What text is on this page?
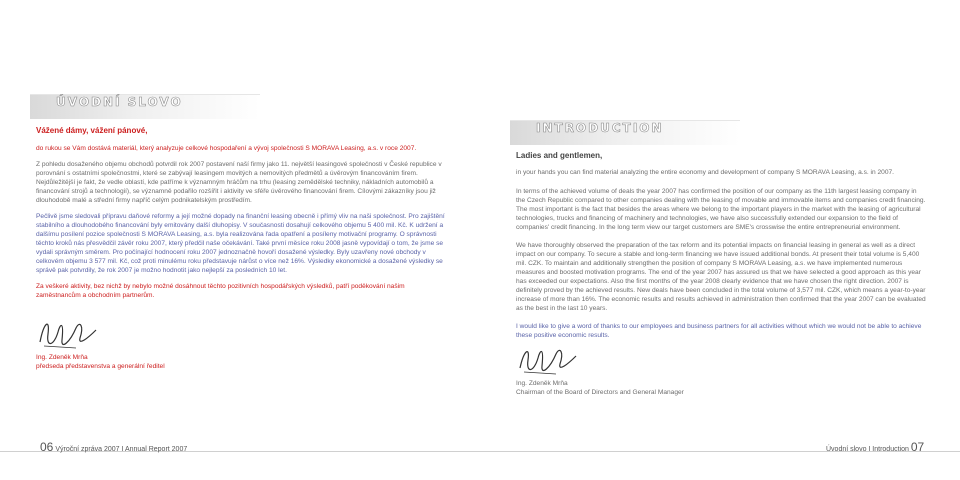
ÚVODNÍ SLOVO
Vážené dámy, vážení pánové,

do rukou se Vám dostává materiál, který analyzuje celkové hospodaření a vývoj společnosti S MORAVA Leasing, a.s. v roce 2007.

Z pohledu dosaženého objemu obchodů potvrdil rok 2007 postavení naší firmy jako 11. největší leasingové společnosti v České republice v porovnání s ostatními společnostmi, které se zabývají leasingem movitých a nemovitých předmětů a úvěrovým financováním firem. Nejdůležitější je fakt, že vedle oblastí, kde patříme k významným hráčům na trhu (leasing zemědělské techniky, nákladních automobilů a financování strojů a technologií), se významně podařilo rozšířit i aktivity ve sféře úvěrového financování firem. Cílovými zákazníky jsou již dlouhodobě malé a střední firmy napříč celým podnikatelským prostředím.

Pečlivě jsme sledovali přípravu daňové reformy a její možné dopady na finanční leasing obecně i přímý vliv na naši společnost. Pro zajištění stabilního a dlouhodobého financování byly emitovány další dluhopisy. V současnosti dosahují celkového objemu 5 400 mil. Kč. K udržení a dalšímu posílení pozice společnosti S MORAVA Leasing, a.s. byla realizována řada opatření a posíleny motivační programy. O správnosti těchto kroků nás přesvědčil závěr roku 2007, který předčil naše očekávání. Také první měsíce roku 2008 jasně vypovídají o tom, že jsme se vydali správným směrem. Pro počínající hodnocení roku 2007 jednoznačně hovoří dosažené výsledky. Byly uzavřeny nové obchody v celkovém objemu 3 577 mil. Kč, což proti minulému roku představuje nárůst o více než 16%. Výsledky ekonomické a dosažené výsledky se správě pak potvrdily, že rok 2007 je možno hodnotit jako nejlepší za posledních 10 let.

Za veškeré aktivity, bez nichž by nebylo možné dosáhnout těchto pozitivních hospodářských výsledků, patří poděkování našim zaměstnancům a obchodním partnerům.

Ing. Zdeněk Mrňa
předseda představenstva a generální ředitel
06 Výroční zpráva 2007 I Annual Report 2007
INTRODUCTION
Ladies and gentlemen,

in your hands you can find material analyzing the entire economy and development of company S MORAVA Leasing, a.s. in 2007.

In terms of the achieved volume of deals the year 2007 has confirmed the position of our company as the 11th largest leasing company in the Czech Republic compared to other companies dealing with the leasing of movable and immovable items and companies credit financing. The most important is the fact that besides the areas where we belong to the important players in the market with the leasing of agricultural technologies, trucks and financing of machinery and technologies, we have also successfully extended our expansion to the field of companies' credit financing. In the long term view our target customers are SME's crosswise the entire entrepreneurial environment.

We have thoroughly observed the preparation of the tax reform and its potential impacts on financial leasing in general as well as a direct impact on our company. To secure a stable and long-term financing we have issued additional bonds. At present their total volume is 5,400 mil. CZK. To maintain and additionally strengthen the position of company S MORAVA Leasing, a.s. we have implemented numerous measures and boosted motivation programs. The end of the year 2007 has assured us that we have selected a good approach as this year has exceeded our expectations. Also the first months of the year 2008 clearly evidence that we have chosen the right direction. 2007 is definitely proved by the achieved results. New deals have been concluded in the total volume of 3,577 mil. CZK, which means a year-to-year increase of more than 16%. The economic results and results achieved in administration then confirmed that the year 2007 can be evaluated as the best in the last 10 years.

I would like to give a word of thanks to our employees and business partners for all activities without which we would not be able to achieve these positive economic results.

Ing. Zdeněk Mrňa
Chairman of the Board of Directors and General Manager
Úvodní slovo I Introduction 07
